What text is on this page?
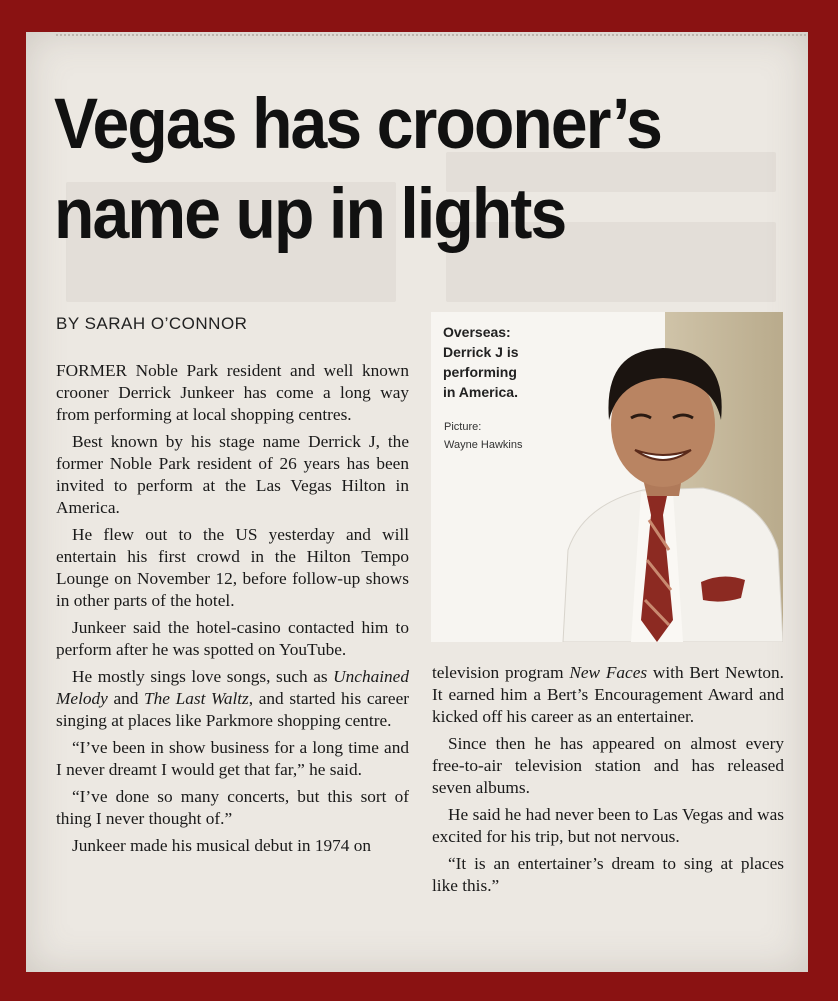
Vegas has crooner’s
name up in lights
BY SARAH O’CONNOR

FORMER Noble Park resident and well known crooner Derrick Junkeer has come a long way from performing at local shopping centres.

Best known by his stage name Derrick J, the former Noble Park resident of 26 years has been invited to perform at the Las Vegas Hilton in America.

He flew out to the US yesterday and will entertain his first crowd in the Hilton Tempo Lounge on November 12, before follow-up shows in other parts of the hotel.

Junkeer said the hotel-casino contacted him to perform after he was spotted on YouTube.

He mostly sings love songs, such as Unchained Melody and The Last Waltz, and started his career singing at places like Parkmore shopping centre.

“I’ve been in show business for a long time and I never dreamt I would get that far,” he said.

“I’ve done so many concerts, but this sort of thing I never thought of.”

Junkeer made his musical debut in 1974 on

Overseas: Derrick J is performing in America.
Picture:
Wayne Hawkins

television program New Faces with Bert Newton. It earned him a Bert’s Encouragement Award and kicked off his career as an entertainer.

Since then he has appeared on almost every free-to-air television station and has released seven albums.

He said he had never been to Las Vegas and was excited for his trip, but not nervous.

“It is an entertainer’s dream to sing at places like this.”
